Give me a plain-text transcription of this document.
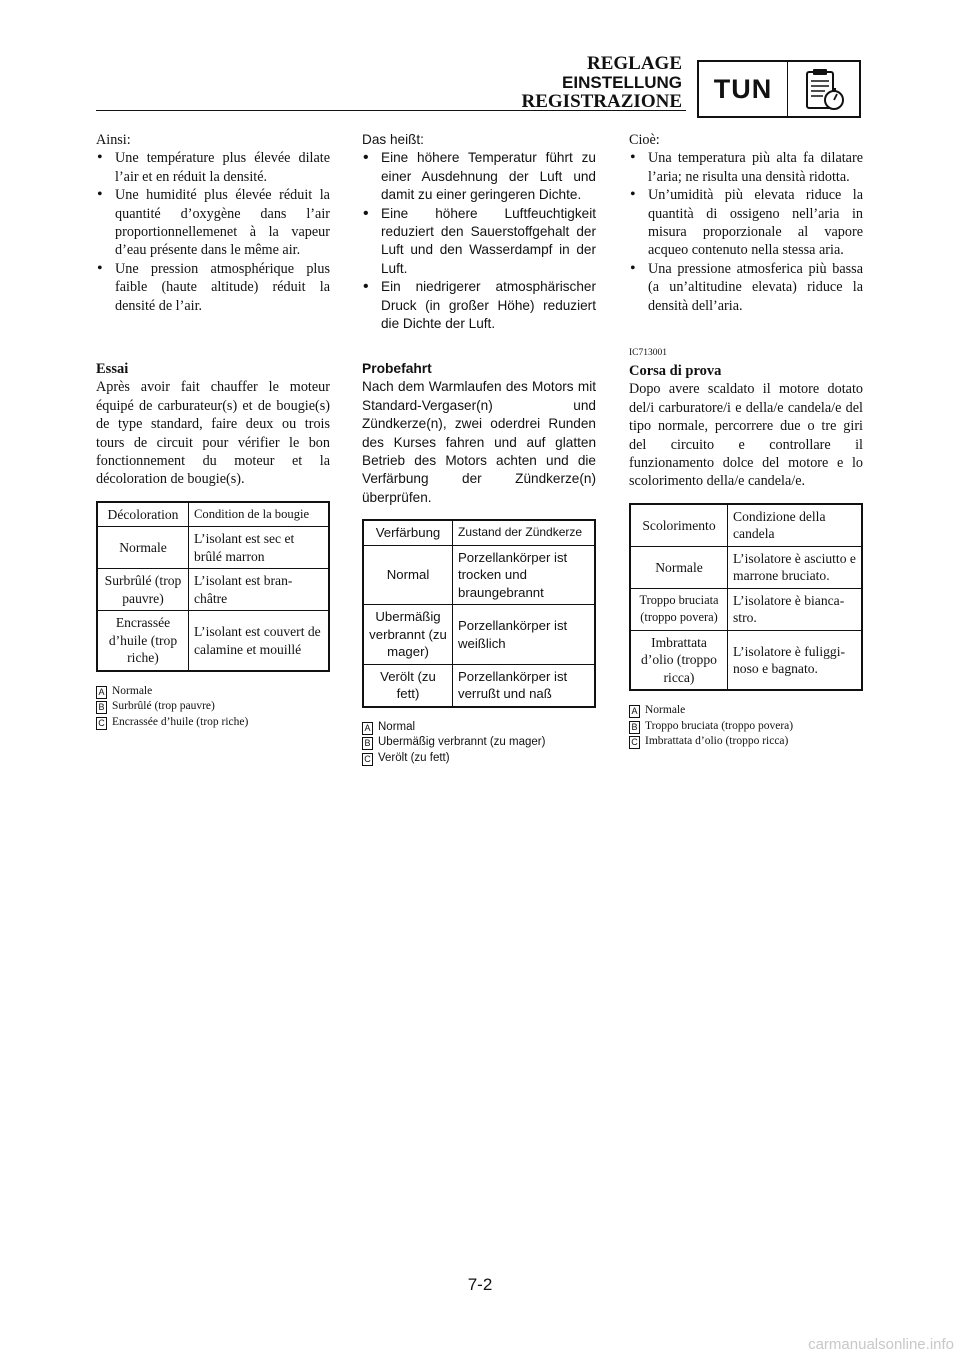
REGLAGE
EINSTELLUNG
REGISTRAZIONE	TUN

Ainsi:

• Une température plus élevée dilate l’air et en réduit la densité.
• Une humidité plus élevée réduit la quantité d’oxygène dans l’air proportionnellemenet à la vapeur d’eau présente dans le même air.
• Une pression atmosphérique plus faible (haute altitude) réduit la densité de l’air.

Essai

Après avoir fait chauffer le moteur équipé de carburateur(s) et de bougie(s) de type standard, faire deux ou trois tours de circuit pour vérifier le bon fonctionnement du moteur et la décoloration de bougie(s).

Décoloration	Condition de la bougie
Normale	L’isolant est sec et brûlé marron
Surbrûlé (trop pauvre)	L’isolant est bran-châtre
Encrassée d’huile (trop riche)	L’isolant est couvert de calamine et mouillé
A Normale
B Surbrûlé (trop pauvre)
C Encrassée d’huile (trop riche)

Das heißt:

• Eine höhere Temperatur führt zu einer Ausdehnung der Luft und damit zu einer geringeren Dichte.
• Eine höhere Luftfeuchtigkeit reduziert den Sauerstoffgehalt der Luft und den Wasserdampf in der Luft.
• Ein niedrigerer atmosphärischer Druck (in großer Höhe) reduziert die Dichte der Luft.

Probefahrt

Nach dem Warmlaufen des Motors mit Standard-Vergaser(n) und Zündkerze(n), zwei oderdrei Runden des Kurses fahren und auf glatten Betrieb des Motors achten und die Verfärbung der Zündkerze(n) überprüfen.

Verfärbung	Zustand der Zündkerze
Normal	Porzellankörper ist trocken und braungebrannt
Ubermäßig verbrannt (zu mager)	Porzellankörper ist weißlich
Verölt (zu fett)	Porzellankörper ist verrußt und naß
A Normal
B Ubermäßig verbrannt (zu mager)
C Verölt (zu fett)

Cioè:

• Una temperatura più alta fa dilatare l’aria; ne risulta una densità ridotta.
• Un’umidità più elevata riduce la quantità di ossigeno nell’aria in misura proporzionale al vapore acqueo contenuto nella stessa aria.
• Una pressione atmosferica più bassa (a un’altitudine elevata) riduce la densità dell’aria.

IC713001

Corsa di prova

Dopo avere scaldato il motore dotato del/i carburatore/i e della/e candela/e del tipo normale, percorrere due o tre giri del circuito e controllare il funzionamento dolce del motore e lo scolorimento della/e candela/e.

Scolorimento	Condizione della candela
Normale	L’isolatore è asciutto e marrone bruciato.
Troppo bruciata (troppo povera)	L’isolatore è bianca-stro.
Imbrattata d’olio (troppo ricca)	L’isolatore è fuliggi-noso e bagnato.
A Normale
B Troppo bruciata (troppo povera)
C Imbrattata d’olio (troppo ricca)
7-2
carmanualsonline.info
